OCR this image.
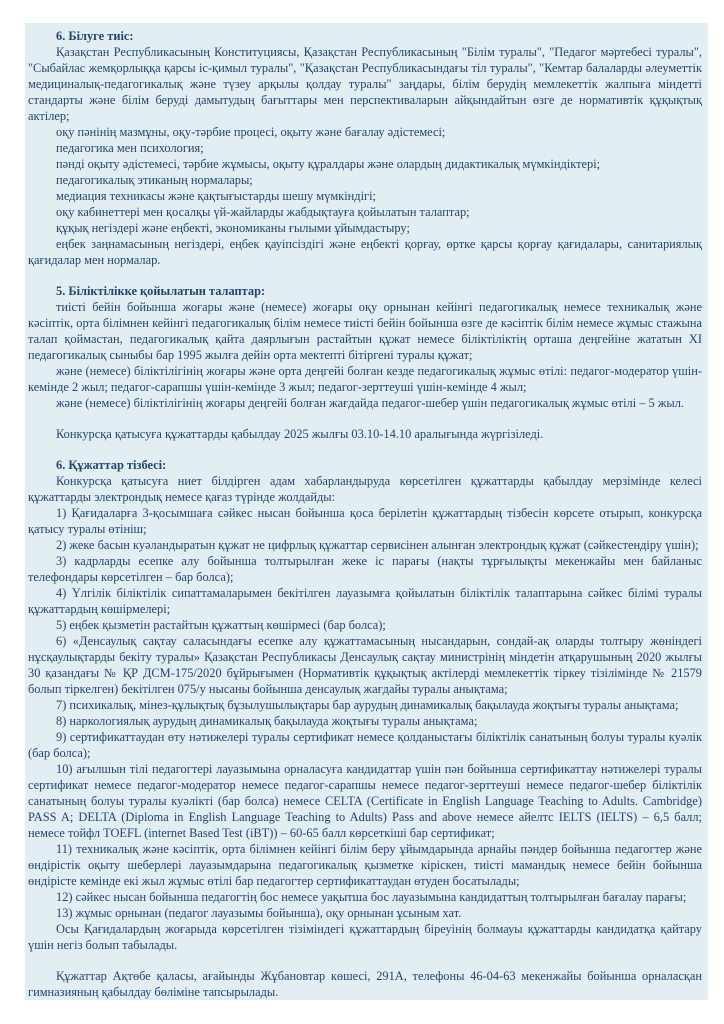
6. Білуге тиіс:

Қазақстан Республикасының Конституциясы, Қазақстан Республикасының "Білім туралы", "Педагог мәртебесі туралы", "Сыбайлас жемқорлыққа қарсы іс-қимыл туралы", "Қазақстан Республикасындағы тіл туралы", "Кемтар балаларды әлеуметтік медициналық-педагогикалық және түзеу арқылы қолдау туралы" заңдары, білім берудің мемлекеттік жалпыға міндетті стандарты және білім беруді дамытудың бағыттары мен перспективаларын айқындайтын өзге де нормативтік құқықтық актілер;

оқу пәнінің мазмұны, оқу-тәрбие процесі, оқыту және бағалау әдістемесі;

педагогика мен психология;

пәнді оқыту әдістемесі, тәрбие жұмысы, оқыту құралдары және олардың дидактикалық мүмкіндіктері;

педагогикалық этиканың нормалары;

медиация техникасы және қақтығыстарды шешу мүмкіндігі;

оқу кабинеттері мен қосалқы үй-жайларды жабдықтауға қойылатын талаптар;

құқық негіздері және еңбекті, экономиканы ғылыми ұйымдастыру;

еңбек заңнамасының негіздері, еңбек қауіпсіздігі және еңбекті қорғау, өртке қарсы қорғау қағидалары, санитариялық қағидалар мен нормалар.

5. Біліктілікке қойылатын талаптар:

тиісті бейін бойынша жоғары және (немесе) жоғары оқу орнынан кейінгі педагогикалық немесе техникалық және кәсіптік, орта білімнен кейінгі педагогикалық білім немесе тиісті бейін бойынша өзге де кәсіптік білім немесе жұмыс стажына талап қоймастан, педагогикалық қайта даярлығын растайтын құжат немесе біліктіліктің орташа деңгейіне жататын XI педагогикалық сыныбы бар 1995 жылға дейін орта мектепті бітіргені туралы құжат;

және (немесе) біліктілігінің жоғары және орта деңгейі болған кезде педагогикалық жұмыс өтілі: педагог-модератор үшін-кемінде 2 жыл; педагог-сарапшы үшін-кемінде 3 жыл; педагог-зерттеуші үшін-кемінде 4 жыл;

және (немесе) біліктілігінің жоғары деңгейі болған жағдайда педагог-шебер үшін педагогикалық жұмыс өтілі – 5 жыл.

Конкурсқа қатысуға құжаттарды қабылдау 2025 жылғы 03.10-14.10 аралығында жүргізіледі.

6. Құжаттар тізбесі:

Конкурсқа қатысуға ниет білдірген адам хабарландыруда көрсетілген құжаттарды қабылдау мерзімінде келесі құжаттарды электрондық немесе қағаз түрінде жолдайды:

1) Қағидаларға 3-қосымшаға сәйкес нысан бойынша қоса берілетін құжаттардың тізбесін көрсете отырып, конкурсқа қатысу туралы өтініш;

2) жеке басын куәландыратын құжат не цифрлық құжаттар сервисінен алынған электрондық құжат (сәйкестендіру үшін);

3) кадрларды есепке алу бойынша толтырылған жеке іс парағы (нақты тұрғылықты мекенжайы мен байланыс телефондары көрсетілген – бар болса);

4) Үлгілік біліктілік сипаттамаларымен бекітілген лауазымға қойылатын біліктілік талаптарына сәйкес білімі туралы құжаттардың көшірмелері;

5) еңбек қызметін растайтын құжаттың көшірмесі (бар болса);

6) «Денсаулық сақтау саласындағы есепке алу құжаттамасының нысандарын, сондай-ақ оларды толтыру жөніндегі нұсқаулықтарды бекіту туралы» Қазақстан Республикасы Денсаулық сақтау министрінің міндетін атқарушының 2020 жылғы 30 қазандағы № ҚР ДСМ-175/2020 бұйрығымен (Нормативтік құқықтық актілерді мемлекеттік тіркеу тізілімінде № 21579 болып тіркелген) бекітілген 075/у нысаны бойынша денсаулық жағдайы туралы анықтама;

7) психикалық, мінез-құлықтық бұзылушылықтары бар аурудың динамикалық бақылауда жоқтығы туралы анықтама;

8) наркологиялық аурудың динамикалық бақылауда жоқтығы туралы анықтама;

9) сертификаттаудан өту нәтижелері туралы сертификат немесе қолданыстағы біліктілік санатының болуы туралы куәлік (бар болса);

10) ағылшын тілі педагогтері лауазымына орналасуға кандидаттар үшін пән бойынша сертификаттау нәтижелері туралы сертификат немесе педагог-модератор немесе педагог-сарапшы немесе педагог-зерттеуші немесе педагог-шебер біліктілік санатының болуы туралы куәлікті (бар болса) немесе CELTA (Certificate in English Language Teaching to Adults. Cambridge) PASS A; DELTA (Diploma in English Language Teaching to Adults) Pass and above немесе айелтс IELTS (IELTS) – 6,5 балл; немесе тойфл TOEFL (internet Based Test (iBT)) – 60-65 балл көрсеткіші бар сертификат;

11) техникалық және кәсіптік, орта білімнен кейінгі білім беру ұйымдарында арнайы пәндер бойынша педагогтер және өндірістік оқыту шеберлері лауазымдарына педагогикалық қызметке кіріскен, тиісті мамандық немесе бейін бойынша өндірісте кемінде екі жыл жұмыс өтілі бар педагогтер сертификаттаудан өтуден босатылады;

12) сәйкес нысан бойынша педагогтің бос немесе уақытша бос лауазымына кандидаттың толтырылған бағалау парағы;

13) жұмыс орнынан (педагог лауазымы бойынша), оқу орнынан ұсыным хат.

Осы Қағидалардың жоғарыда көрсетілген тізіміндегі құжаттардың біреуінің болмауы құжаттарды кандидатқа қайтару үшін негіз болып табылады.

Құжаттар Ақтөбе қаласы, ағайынды Жұбановтар көшесі, 291А, телефоны 46-04-63 мекенжайы бойынша орналасқан гимназияның қабылдау бөліміне тапсырылады.
